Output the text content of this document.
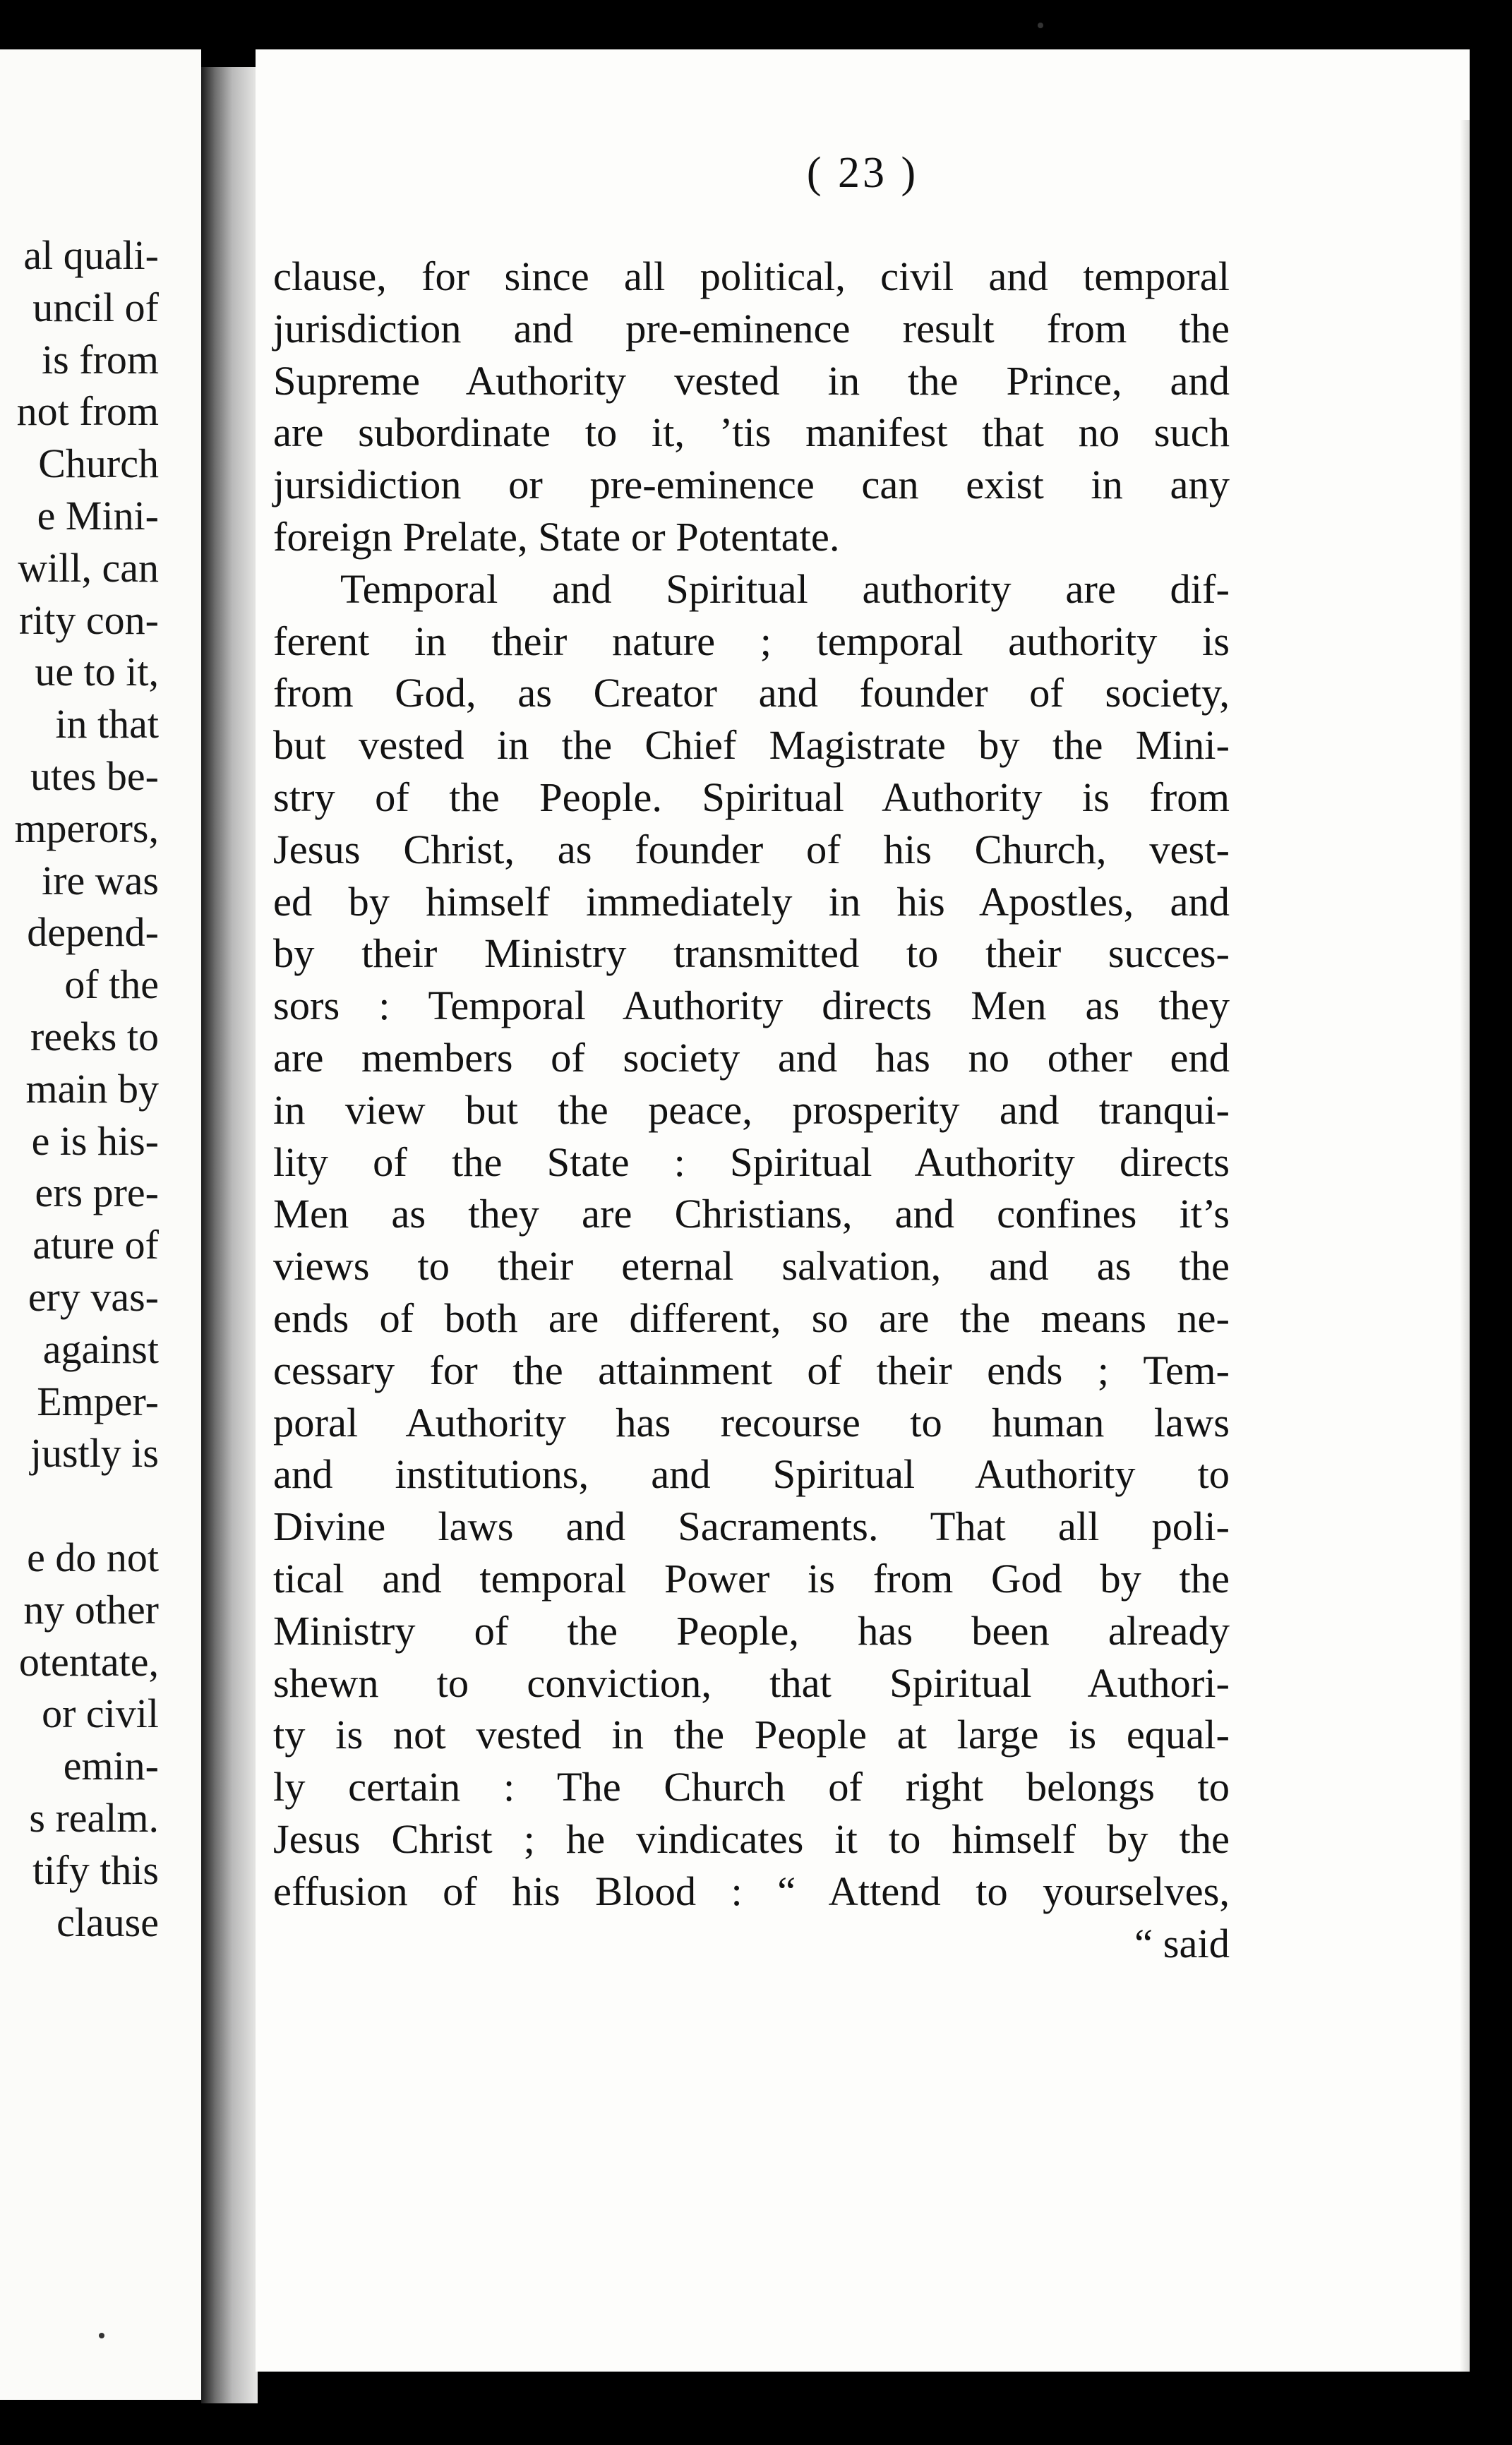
al quali-
uncil of
is from
not from
Church
e Mini-
will, can
rity con-
ue to it,
in that
utes be-
mperors,
ire was
depend-
of the
reeks to
main by
e is his-
ers pre-
ature of
ery vas-
against
Emper-
justly is
e do not
ny other
otentate,
or civil
emin-
s realm.
tify this
clause
( 23 )
clause, for since all political, civil and temporal
jurisdiction and pre-eminence result from the
Supreme Authority vested in the Prince, and
are subordinate to it, ’tis manifest that no such
jursidiction or pre-eminence can exist in any
foreign Prelate, State or Potentate.
Temporal and Spiritual authority are dif-
ferent in their nature ; temporal authority is
from God, as Creator and founder of society,
but vested in the Chief Magistrate by the Mini-
stry of the People. Spiritual Authority is from
Jesus Christ, as founder of his Church, vest-
ed by himself immediately in his Apostles, and
by their Ministry transmitted to their succes-
sors : Temporal Authority directs Men as they
are members of society and has no other end
in view but the peace, prosperity and tranqui-
lity of the State : Spiritual Authority directs
Men as they are Christians, and confines it’s
views to their eternal salvation, and as the
ends of both are different, so are the means ne-
cessary for the attainment of their ends ; Tem-
poral Authority has recourse to human laws
and institutions, and Spiritual Authority to
Divine laws and Sacraments. That all poli-
tical and temporal Power is from God by the
Ministry of the People, has been already
shewn to conviction, that Spiritual Authori-
ty is not vested in the People at large is equal-
ly certain : The Church of right belongs to
Jesus Christ ; he vindicates it to himself by the
effusion of his Blood : “ Attend to yourselves,
“ said
